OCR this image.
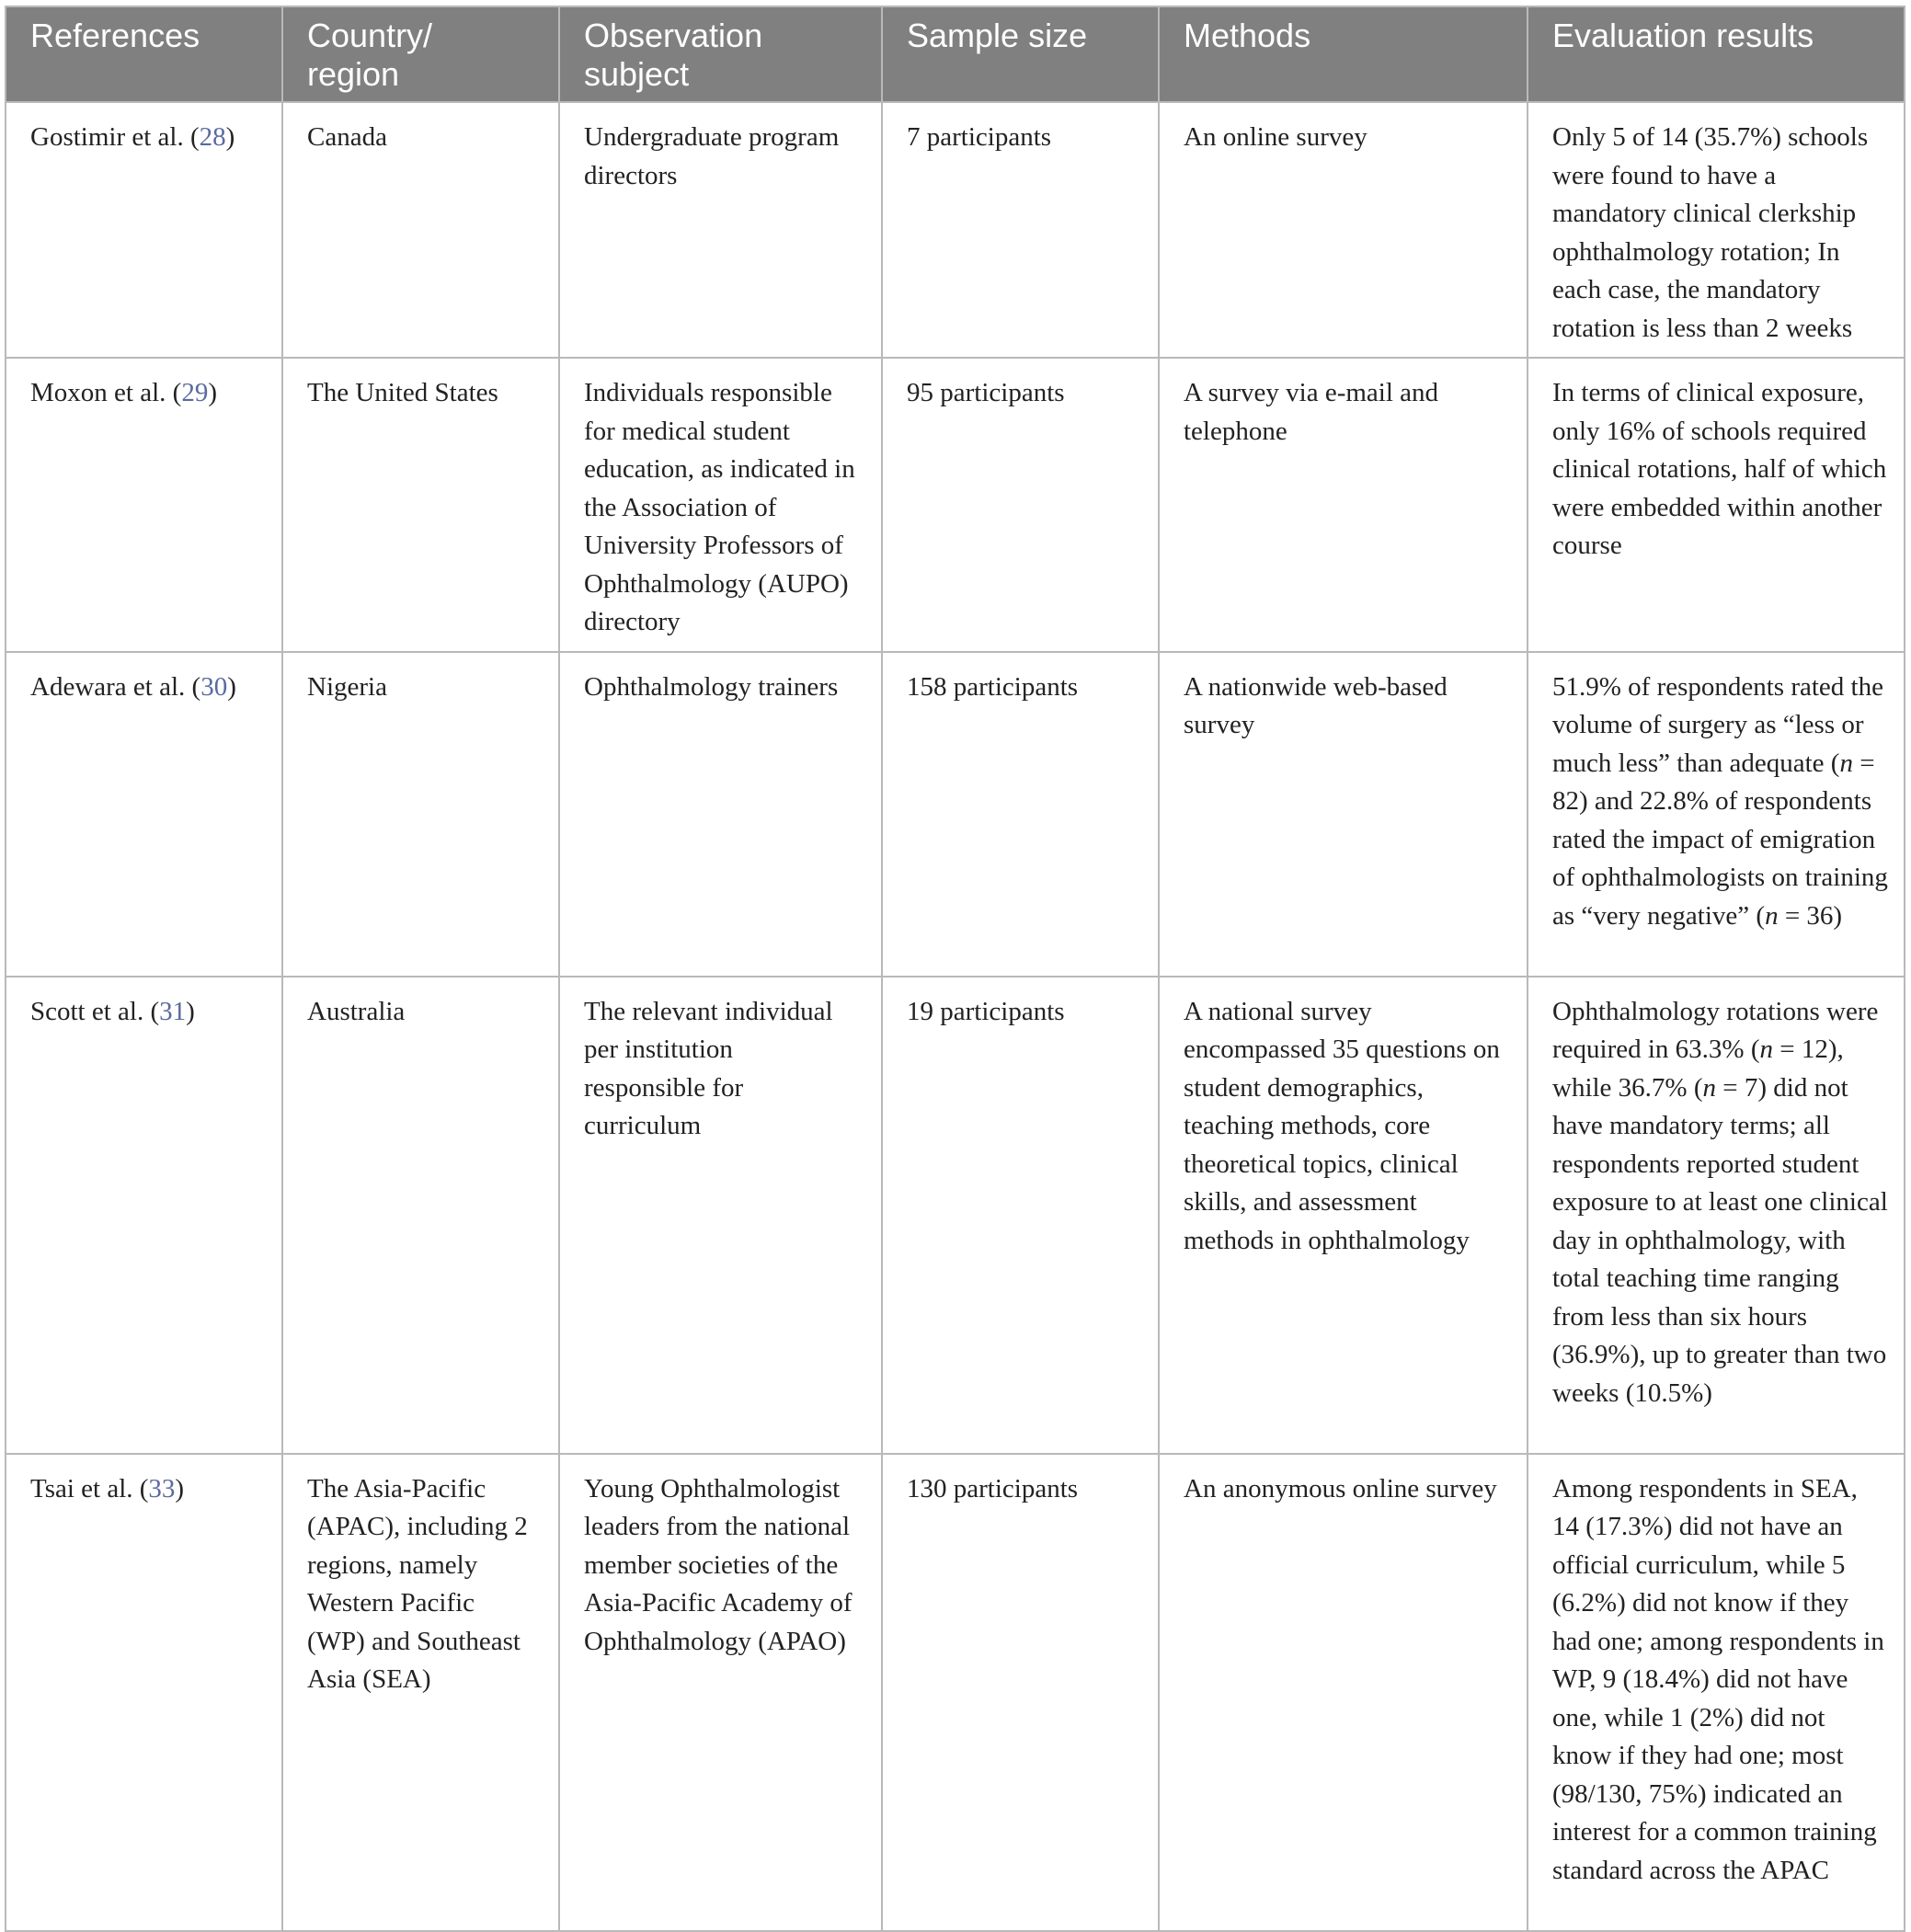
References	Country/ region	Observation subject	Sample size	Methods	Evaluation results
Gostimir et al. (28)	Canada	Undergraduate program directors	7 participants	An online survey	Only 5 of 14 (35.7%) schools were found to have a mandatory clinical clerkship ophthalmology rotation; In each case, the mandatory rotation is less than 2 weeks
Moxon et al. (29)	The United States	Individuals responsible for medical student education, as indicated in the Association of University Professors of Ophthalmology (AUPO) directory	95 participants	A survey via e-mail and telephone	In terms of clinical exposure, only 16% of schools required clinical rotations, half of which were embedded within another course
Adewara et al. (30)	Nigeria	Ophthalmology trainers	158 participants	A nationwide web-based survey	51.9% of respondents rated the volume of surgery as “less or much less” than adequate (n = 82) and 22.8% of respondents rated the impact of emigration of ophthalmologists on training as “very negative” (n = 36)
Scott et al. (31)	Australia	The relevant individual per institution responsible for curriculum	19 participants	A national survey encompassed 35 questions on student demographics, teaching methods, core theoretical topics, clinical skills, and assessment methods in ophthalmology	Ophthalmology rotations were required in 63.3% (n = 12), while 36.7% (n = 7) did not have mandatory terms; all respondents reported student exposure to at least one clinical day in ophthalmology, with total teaching time ranging from less than six hours (36.9%), up to greater than two weeks (10.5%)
Tsai et al. (33)	The Asia-Pacific (APAC), including 2 regions, namely Western Pacific (WP) and Southeast Asia (SEA)	Young Ophthalmologist leaders from the national member societies of the Asia-Pacific Academy of Ophthalmology (APAO)	130 participants	An anonymous online survey	Among respondents in SEA, 14 (17.3%) did not have an official curriculum, while 5 (6.2%) did not know if they had one; among respondents in WP, 9 (18.4%) did not have one, while 1 (2%) did not know if they had one; most (98/130, 75%) indicated an interest for a common training standard across the APAC
